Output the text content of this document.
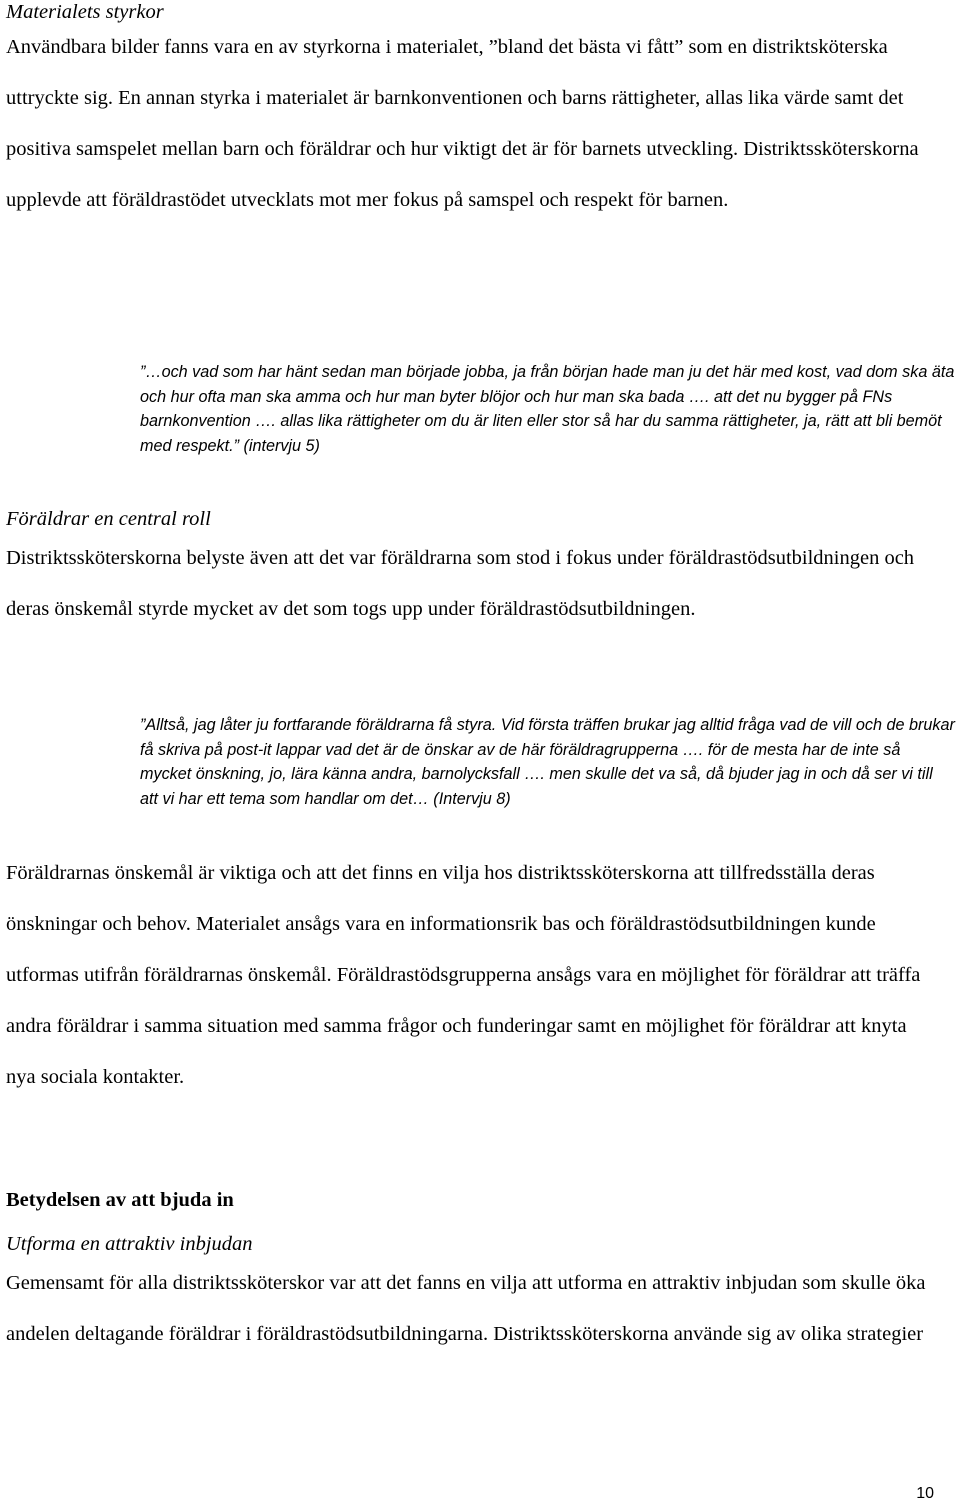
Materialets styrkor

Användbara bilder fanns vara en av styrkorna i materialet, ”bland det bästa vi fått” som en distriktsköterska uttryckte sig. En annan styrka i materialet är barnkonventionen och barns rättigheter, allas lika värde samt det positiva samspelet mellan barn och föräldrar och hur viktigt det är för barnets utveckling. Distriktssköterskorna upplevde att föräldrastödet utvecklats mot mer fokus på samspel och respekt för barnen.

”…och vad som har hänt sedan man började jobba, ja från början hade man ju det här med kost, vad dom ska äta och hur ofta man ska amma och hur man byter blöjor och hur man ska bada …. att det nu bygger på FNs barnkonvention …. allas lika rättigheter om du är liten eller stor så har du samma rättigheter, ja, rätt att bli bemöt med respekt.” (intervju 5)

Föräldrar en central roll

Distriktssköterskorna belyste även att det var föräldrarna som stod i fokus under föräldrastödsutbildningen och deras önskemål styrde mycket av det som togs upp under föräldrastödsutbildningen.

”Alltså, jag låter ju fortfarande föräldrarna få styra. Vid första träffen brukar jag alltid fråga vad de vill och de brukar få skriva på post-it lappar vad det är de önskar av de här föräldragrupperna …. för de mesta har de inte så mycket önskning, jo, lära känna andra, barnolycksfall …. men skulle det va så, då bjuder jag in och då ser vi till att vi har ett tema som handlar om det… (Intervju 8)

Föräldrarnas önskemål är viktiga och att det finns en vilja hos distriktssköterskorna att tillfredsställa deras önskningar och behov. Materialet ansågs vara en informationsrik bas och föräldrastödsutbildningen kunde utformas utifrån föräldrarnas önskemål. Föräldrastödsgrupperna ansågs vara en möjlighet för föräldrar att träffa andra föräldrar i samma situation med samma frågor och funderingar samt en möjlighet för föräldrar att knyta nya sociala kontakter.

Betydelsen av att bjuda in

Utforma en attraktiv inbjudan

Gemensamt för alla distriktssköterskor var att det fanns en vilja att utforma en attraktiv inbjudan som skulle öka andelen deltagande föräldrar i föräldrastödsutbildningarna. Distriktssköterskorna använde sig av olika strategier

10
